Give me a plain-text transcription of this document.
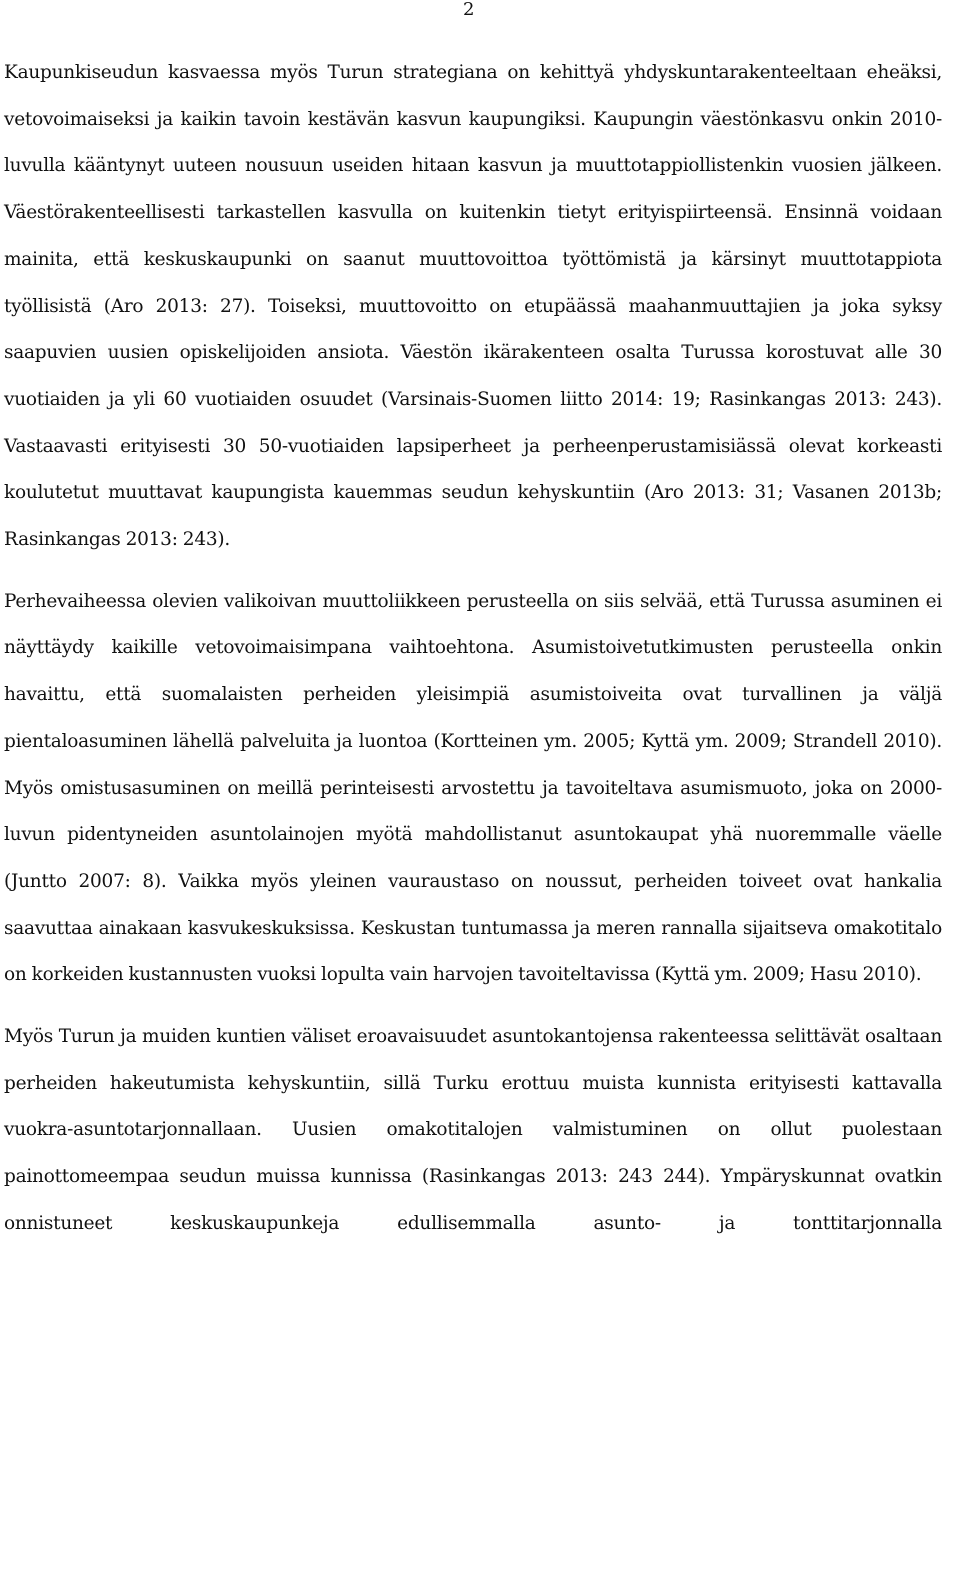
2

Kaupunkiseudun kasvaessa myös Turun strategiana on kehittyä yhdyskuntarakenteeltaan eheäksi, vetovoimaiseksi ja kaikin tavoin kestävän kasvun kaupungiksi. Kaupungin väestönkasvu onkin 2010-luvulla kääntynyt uuteen nousuun useiden hitaan kasvun ja muuttotappiollistenkin vuosien jälkeen. Väestörakenteellisesti tarkastellen kasvulla on kuitenkin tietyt erityispiirteensä. Ensinnä voidaan mainita, että keskuskaupunki on saanut muuttovoittoa työttömistä ja kärsinyt muuttotappiota työllisistä (Aro 2013: 27). Toiseksi, muuttovoitto on etupäässä maahanmuuttajien ja joka syksy saapuvien uusien opiskelijoiden ansiota. Väestön ikärakenteen osalta Turussa korostuvat alle 30 vuotiaiden ja yli 60 vuotiaiden osuudet (Varsinais-Suomen liitto 2014: 19; Rasinkangas 2013: 243). Vastaavasti erityisesti 30 50-vuotiaiden lapsiperheet ja perheenperustamisiässä olevat korkeasti koulutetut muuttavat kaupungista kauemmas seudun kehyskuntiin (Aro 2013: 31; Vasanen 2013b; Rasinkangas 2013: 243).

Perhevaiheessa olevien valikoivan muuttoliikkeen perusteella on siis selvää, että Turussa asuminen ei näyttäydy kaikille vetovoimaisimpana vaihtoehtona. Asumistoivetutkimusten perusteella onkin havaittu, että suomalaisten perheiden yleisimpiä asumistoiveita ovat turvallinen ja väljä pientaloasuminen lähellä palveluita ja luontoa (Kortteinen ym. 2005; Kyttä ym. 2009; Strandell 2010). Myös omistusasuminen on meillä perinteisesti arvostettu ja tavoiteltava asumismuoto, joka on 2000-luvun pidentyneiden asuntolainojen myötä mahdollistanut asuntokaupat yhä nuoremmalle väelle (Juntto 2007: 8). Vaikka myös yleinen vauraustaso on noussut, perheiden toiveet ovat hankalia saavuttaa ainakaan kasvukeskuksissa. Keskustan tuntumassa ja meren rannalla sijaitseva omakotitalo on korkeiden kustannusten vuoksi lopulta vain harvojen tavoiteltavissa (Kyttä ym. 2009; Hasu 2010).

Myös Turun ja muiden kuntien väliset eroavaisuudet asuntokantojensa rakenteessa selittävät osaltaan perheiden hakeutumista kehyskuntiin, sillä Turku erottuu muista kunnista erityisesti kattavalla vuokra-asuntotarjonnallaan. Uusien omakotitalojen valmistuminen on ollut puolestaan painottomeempaa seudun muissa kunnissa (Rasinkangas 2013: 243 244). Ympäryskunnat ovatkin onnistuneet keskuskaupunkeja edullisemmalla asunto- ja tonttitarjonnalla
